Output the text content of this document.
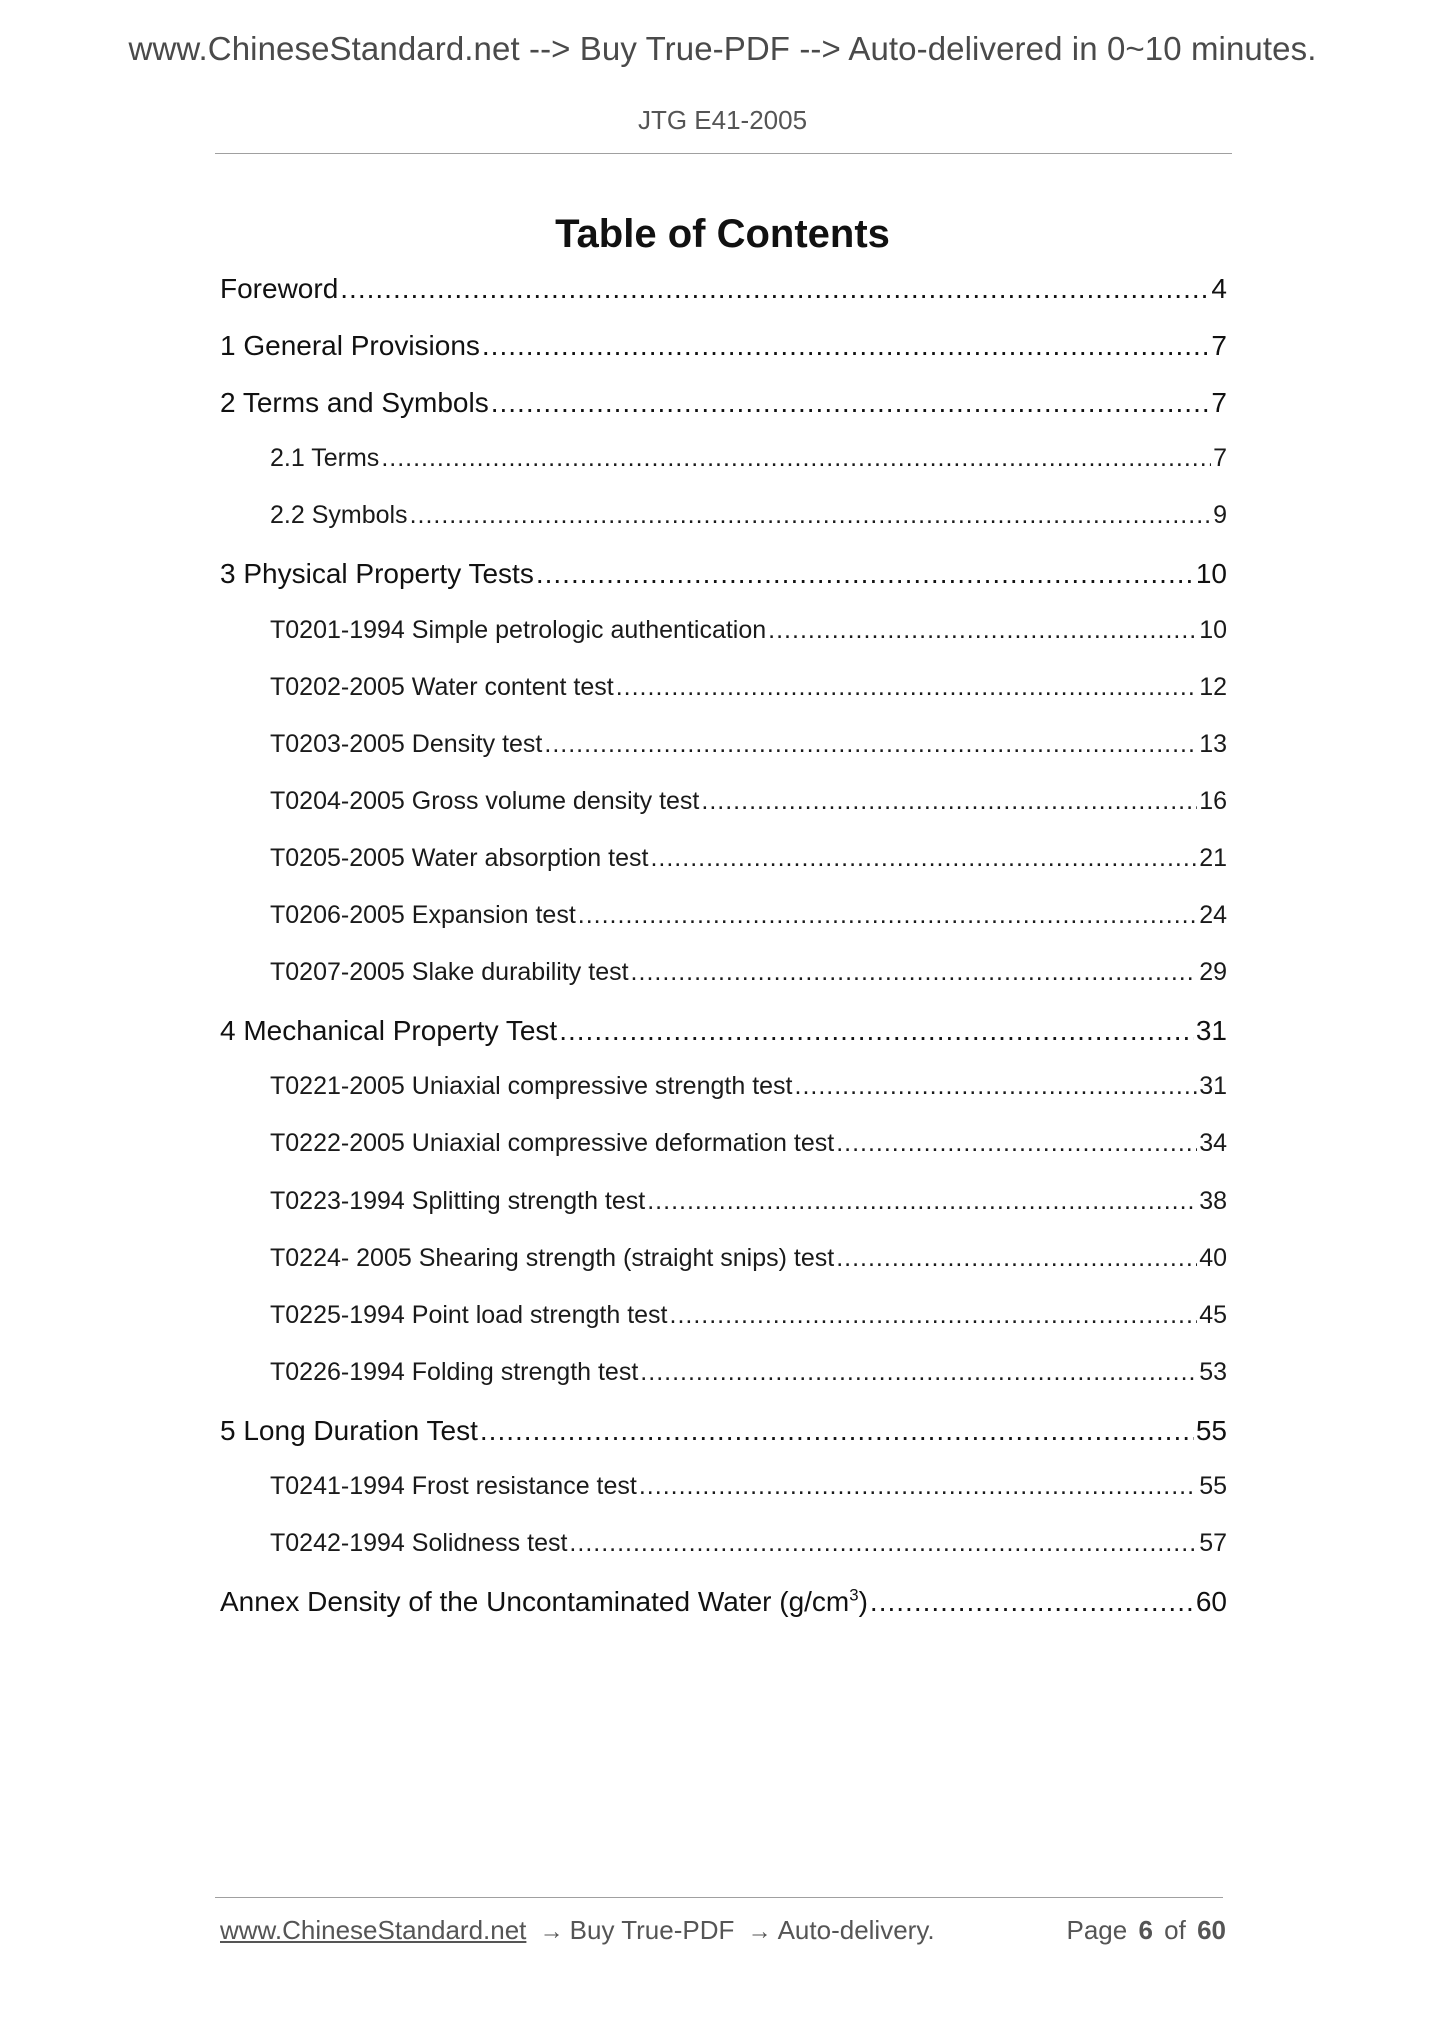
www.ChineseStandard.net --> Buy True-PDF --> Auto-delivered in 0~10 minutes.
JTG E41-2005
Table of Contents
Foreword .....	4
1 General Provisions .....	7
2 Terms and Symbols .....	7
2.1 Terms .....	7
2.2 Symbols .....	9
3 Physical Property Tests .....	10
T0201-1994 Simple petrologic authentication .....	10
T0202-2005 Water content test .....	12
T0203-2005 Density test .....	13
T0204-2005 Gross volume density test .....	16
T0205-2005 Water absorption test .....	21
T0206-2005 Expansion test .....	24
T0207-2005 Slake durability test .....	29
4 Mechanical Property Test .....	31
T0221-2005 Uniaxial compressive strength test .....	31
T0222-2005 Uniaxial compressive deformation test .....	34
T0223-1994 Splitting strength test .....	38
T0224- 2005 Shearing strength (straight snips) test .....	40
T0225-1994 Point load strength test .....	45
T0226-1994 Folding strength test .....	53
5 Long Duration Test .....	55
T0241-1994 Frost resistance test .....	55
T0242-1994 Solidness test .....	57
Annex Density of the Uncontaminated Water $(g/cm^3)$ .....	60
www.ChineseStandard.net → Buy True-PDF → Auto-delivery.	Page 6 of 60
